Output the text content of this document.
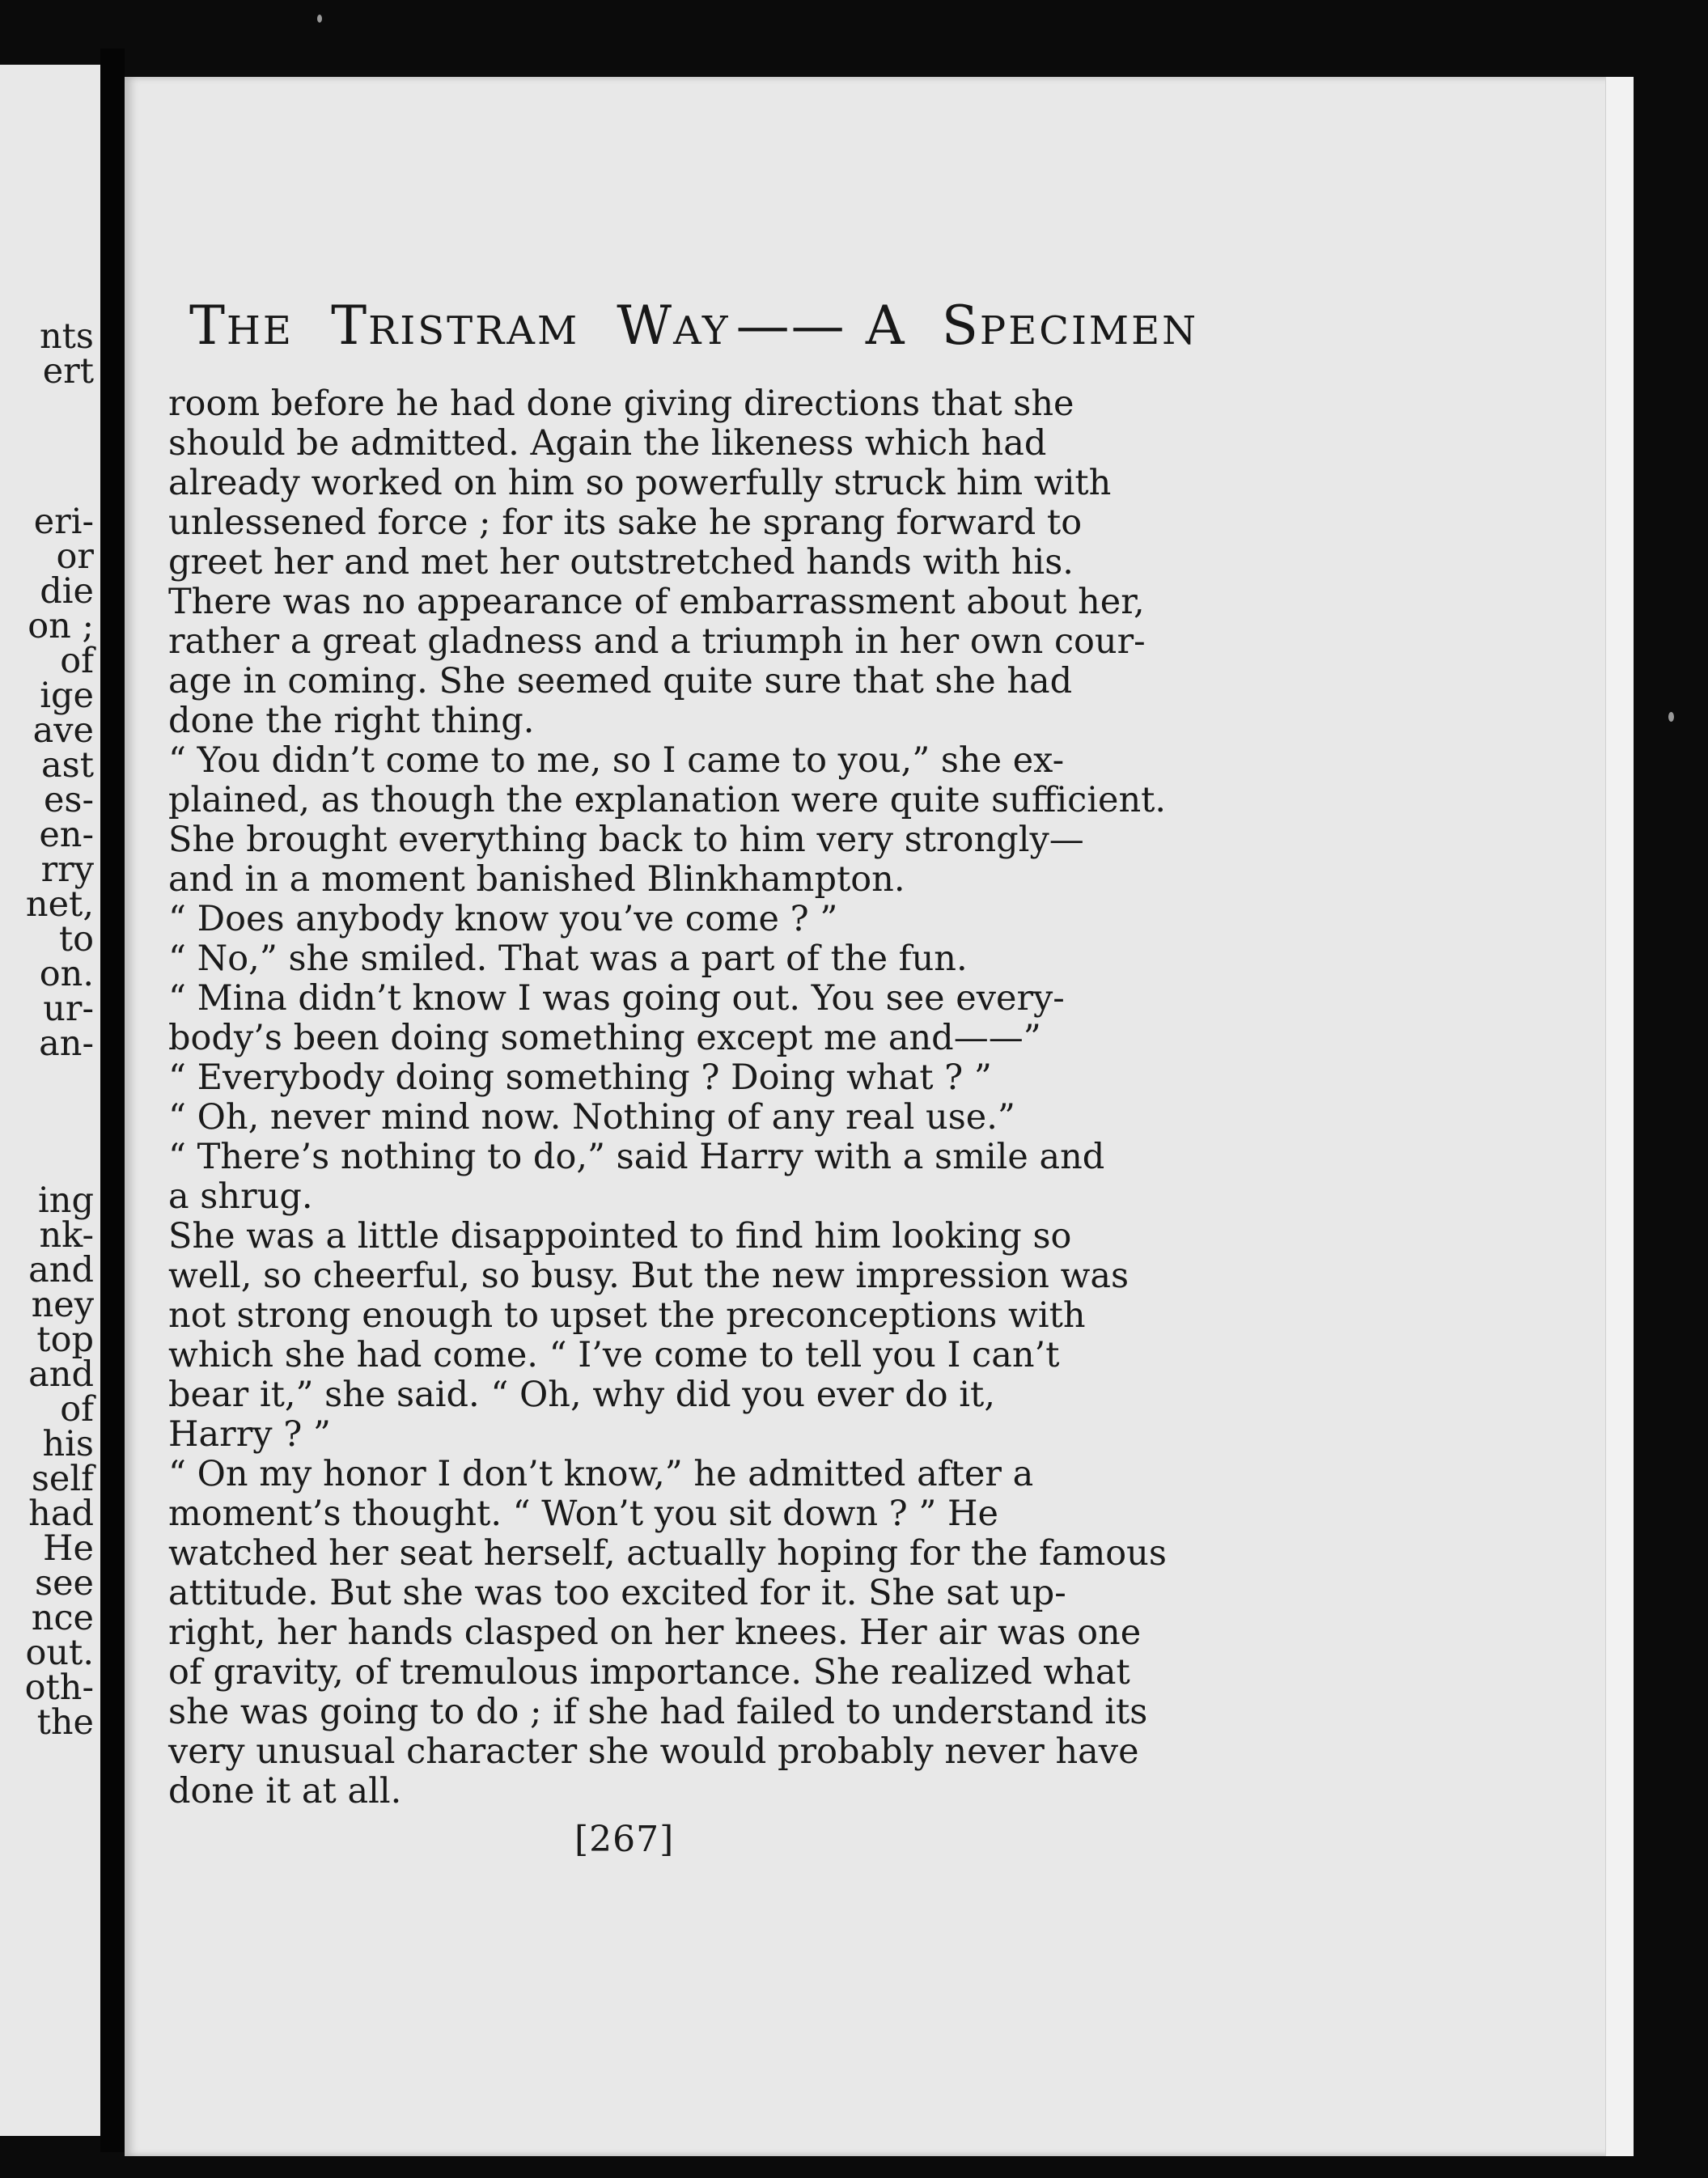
nts
ert
eri-
or
die
on ;
of
ige
ave
ast
es-
en-
rry
net,
to
on.
ur-
an-
ing
nk-
and
ney
top
and
of
his
self
had
He
see
nce
out.
oth-
the
THE TRISTRAM WAY —— A SPECIMEN
room before he had done giving directions that she
should be admitted. Again the likeness which had
already worked on him so powerfully struck him with
unlessened force ; for its sake he sprang forward to
greet her and met her outstretched hands with his.
There was no appearance of embarrassment about her,
rather a great gladness and a triumph in her own cour-
age in coming. She seemed quite sure that she had
done the right thing.
“ You didn’t come to me, so I came to you,” she ex-
plained, as though the explanation were quite sufficient.
She brought everything back to him very strongly—
and in a moment banished Blinkhampton.
“ Does anybody know you’ve come ? ”
“ No,” she smiled. That was a part of the fun.
“ Mina didn’t know I was going out. You see every-
body’s been doing something except me and——”
“ Everybody doing something ? Doing what ? ”
“ Oh, never mind now. Nothing of any real use.”
“ There’s nothing to do,” said Harry with a smile and
a shrug.
She was a little disappointed to find him looking so
well, so cheerful, so busy. But the new impression was
not strong enough to upset the preconceptions with
which she had come. “ I’ve come to tell you I can’t
bear it,” she said. “ Oh, why did you ever do it,
Harry ? ”
“ On my honor I don’t know,” he admitted after a
moment’s thought. “ Won’t you sit down ? ” He
watched her seat herself, actually hoping for the famous
attitude. But she was too excited for it. She sat up-
right, her hands clasped on her knees. Her air was one
of gravity, of tremulous importance. She realized what
she was going to do ; if she had failed to understand its
very unusual character she would probably never have
done it at all.
[267]
